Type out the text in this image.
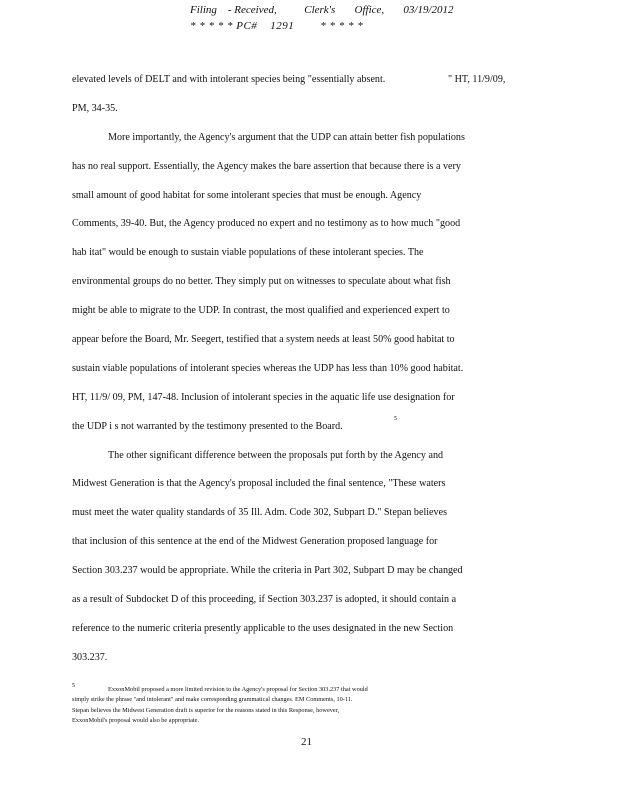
Filing    - Received,          Clerk's       Office,       03/19/2012
* * * * * PC#    1291        * * * * *
elevated levels of DELT and with intolerant species being "essentially absent.	" HT, 11/9/09,
PM, 34-35.
More importantly, the Agency's argument that the UDP can attain better fish populations
has no real support. Essentially, the Agency makes the bare assertion that because there is a very
small amount of good habitat for some intolerant species that must be enough. Agency
Comments, 39-40. But, the Agency produced no expert and no testimony as to how much "good
hab itat" would be enough to sustain viable populations of these intolerant species. The
environmental groups do no better. They simply put on witnesses to speculate about what fish
might be able to migrate to the UDP. In contrast, the most qualified and experienced expert to
appear before the Board, Mr. Seegert, testified that a system needs at least 50% good habitat to
sustain viable populations of intolerant species whereas the UDP has less than 10% good habitat.
HT, 11/9/ 09, PM, 147-48. Inclusion of intolerant species in the aquatic life use designation for
the UDP i s not warranted by the testimony presented to the Board.
5
The other significant difference between the proposals put forth by the Agency and
Midwest Generation is that the Agency's proposal included the final sentence, "These waters
must meet the water quality standards of 35 Ill. Adm. Code 302, Subpart D." Stepan believes
that inclusion of this sentence at the end of the Midwest Generation proposed language for
Section 303.237 would be appropriate. While the criteria in Part 302, Subpart D may be changed
as a result of Subdocket D of this proceeding, if Section 303.237 is adopted, it should contain a
reference to the numeric criteria presently applicable to the uses designated in the new Section
303.237.
5	ExxonMobil proposed a more limited revision to the Agency's proposal for Section 303.237 that would
simply strike the phrase "and intolerant" and make corresponding grammatical changes. EM Comments, 10-11.
Stepan believes the Midwest Generation draft is superior for the reasons stated in this Response, however,
ExxonMobil's proposal would also be appropriate.
21
